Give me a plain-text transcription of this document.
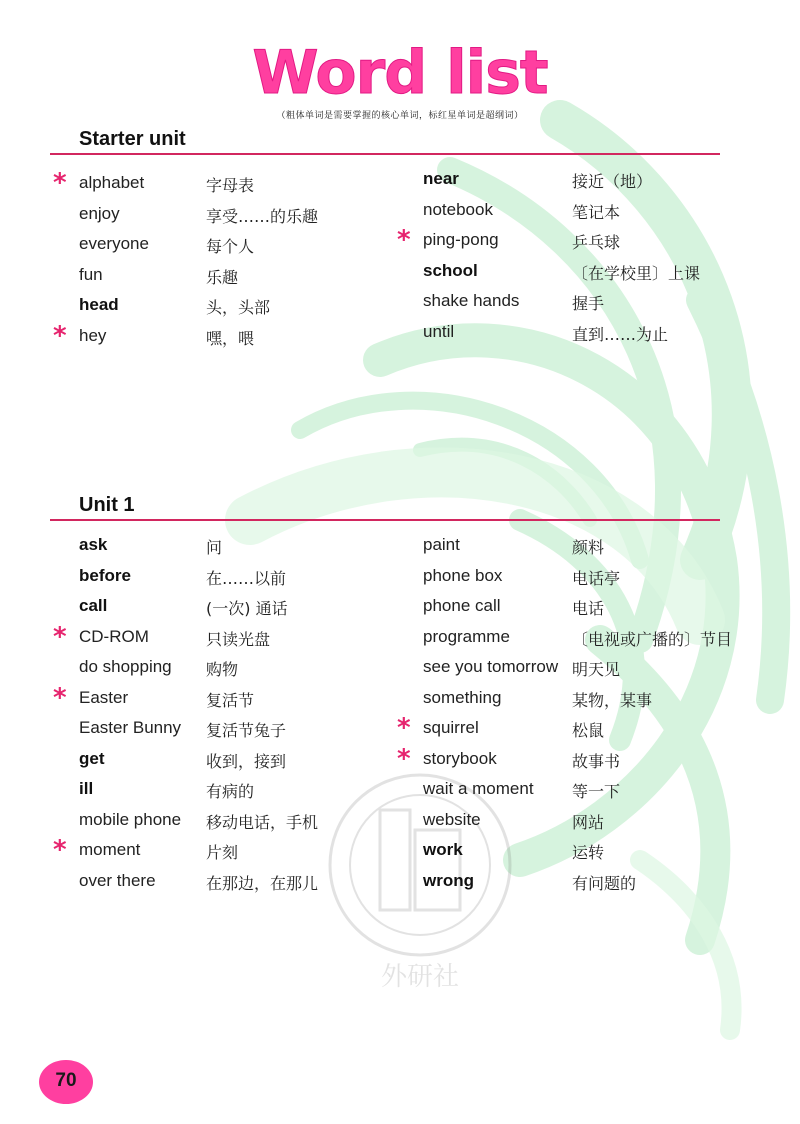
外研社
Word list
（粗体单词是需要掌握的核心单词，标红星单词是超纲词）
Starter unit
* alphabet	字母表
enjoy	享受……的乐趣
everyone	每个人
fun	乐趣
head	头，头部
* hey	嘿，喂
near	接近（地）
notebook	笔记本
* ping-pong	乒乓球
school	〔在学校里〕上课
shake hands	握手
until	直到……为止
Unit 1
ask	问
before	在……以前
call	(一次) 通话
* CD-ROM	只读光盘
do shopping 购物
* Easter	复活节
Easter Bunny 复活节兔子
get	收到，接到
ill	有病的
mobile phone 移动电话，手机
* moment	片刻
over there	在那边，在那儿
paint	颜料
phone box	电话亭
phone call	电话
programme	〔电视或广播的〕节目
see you tomorrow 明天见
something	某物，某事
* squirrel	松鼠
* storybook	故事书
wait a moment 等一下
website	网站
work	运转
wrong	有问题的
70
